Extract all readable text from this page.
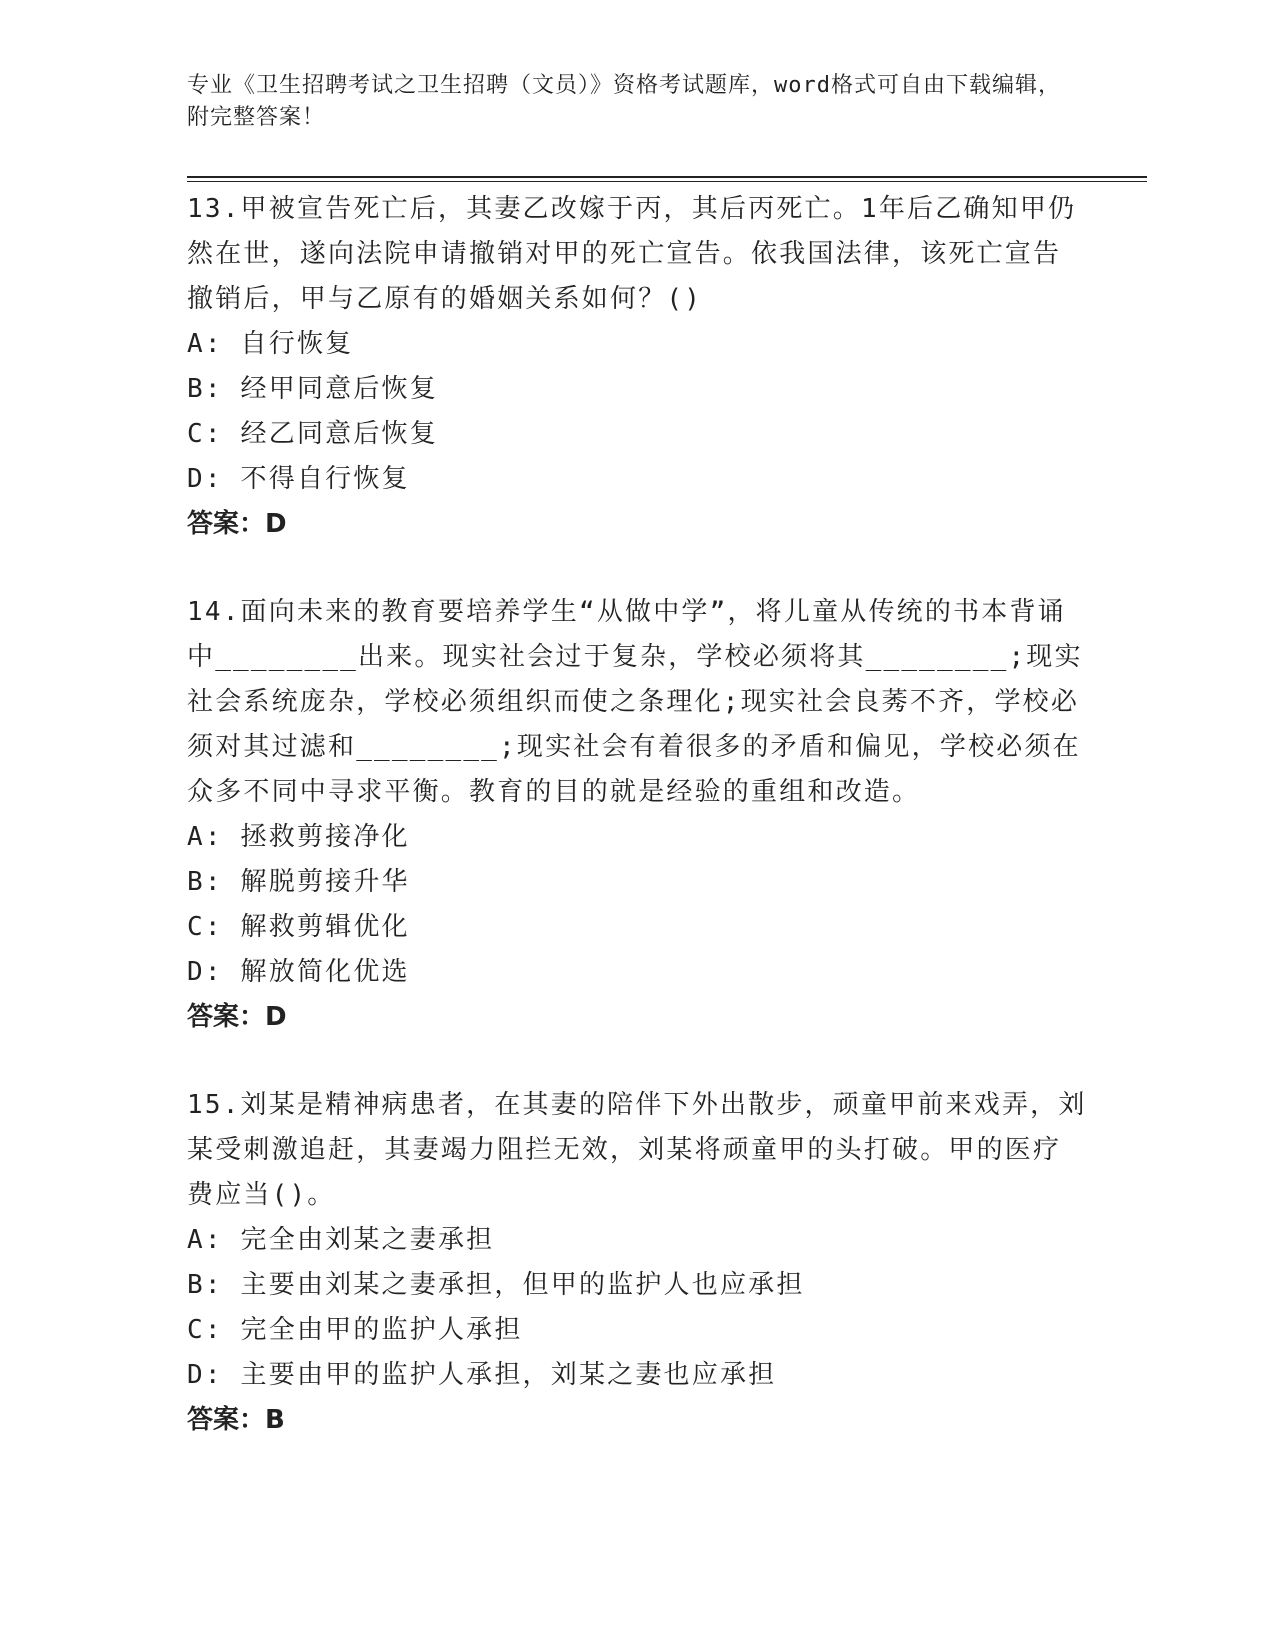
专业《卫生招聘考试之卫生招聘（文员）》资格考试题库，word格式可自由下载编辑，附完整答案！

13.甲被宣告死亡后，其妻乙改嫁于丙，其后丙死亡。1年后乙确知甲仍然在世，遂向法院申请撤销对甲的死亡宣告。依我国法律，该死亡宣告撤销后，甲与乙原有的婚姻关系如何？()

A: 自行恢复

B: 经甲同意后恢复

C: 经乙同意后恢复

D: 不得自行恢复

答案：D

14.面向未来的教育要培养学生“从做中学”，将儿童从传统的书本背诵中________出来。现实社会过于复杂，学校必须将其________;现实社会系统庞杂，学校必须组织而使之条理化;现实社会良莠不齐，学校必须对其过滤和________;现实社会有着很多的矛盾和偏见，学校必须在众多不同中寻求平衡。教育的目的就是经验的重组和改造。

A: 拯救剪接净化

B: 解脱剪接升华

C: 解救剪辑优化

D: 解放简化优选

答案：D

15.刘某是精神病患者，在其妻的陪伴下外出散步，顽童甲前来戏弄，刘某受刺激追赶，其妻竭力阻拦无效，刘某将顽童甲的头打破。甲的医疗费应当()。

A: 完全由刘某之妻承担

B: 主要由刘某之妻承担，但甲的监护人也应承担

C: 完全由甲的监护人承担

D: 主要由甲的监护人承担，刘某之妻也应承担

答案：B
